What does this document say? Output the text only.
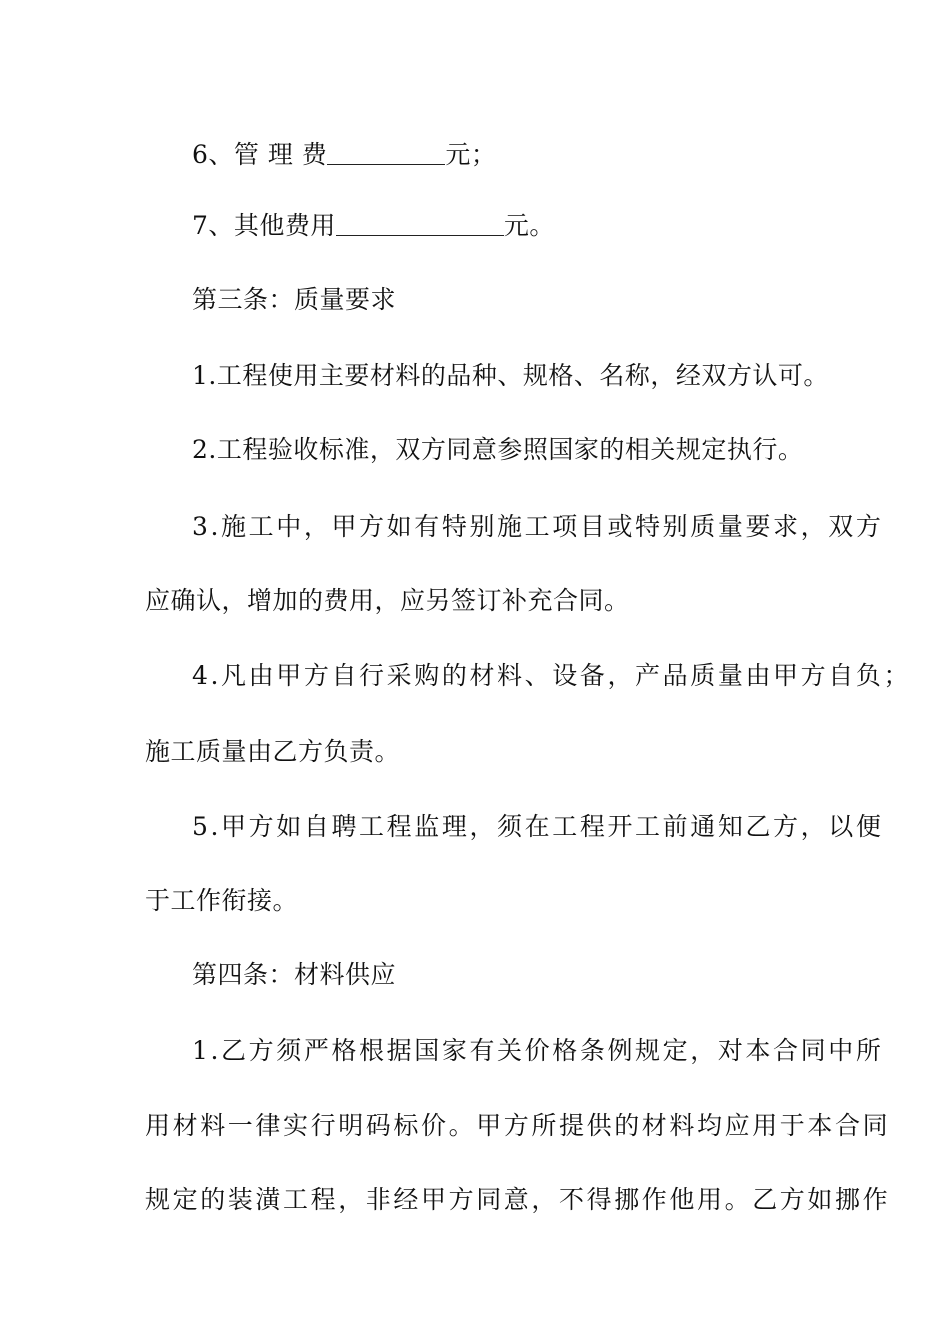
6、管 理 费	元；
7、其他费用	元。
第三条：质量要求
1.工程使用主要材料的品种、规格、名称，经双方认可。
2.工程验收标准，双方同意参照国家的相关规定执行。
3.施工中，甲方如有特别施工项目或特别质量要求，双方
应确认，增加的费用，应另签订补充合同。
4.凡由甲方自行采购的材料、设备，产品质量由甲方自负；
施工质量由乙方负责。
5.甲方如自聘工程监理，须在工程开工前通知乙方，以便
于工作衔接。
第四条：材料供应
1.乙方须严格根据国家有关价格条例规定，对本合同中所
用材料一律实行明码标价。甲方所提供的材料均应用于本合同
规定的装潢工程，非经甲方同意，不得挪作他用。乙方如挪作
